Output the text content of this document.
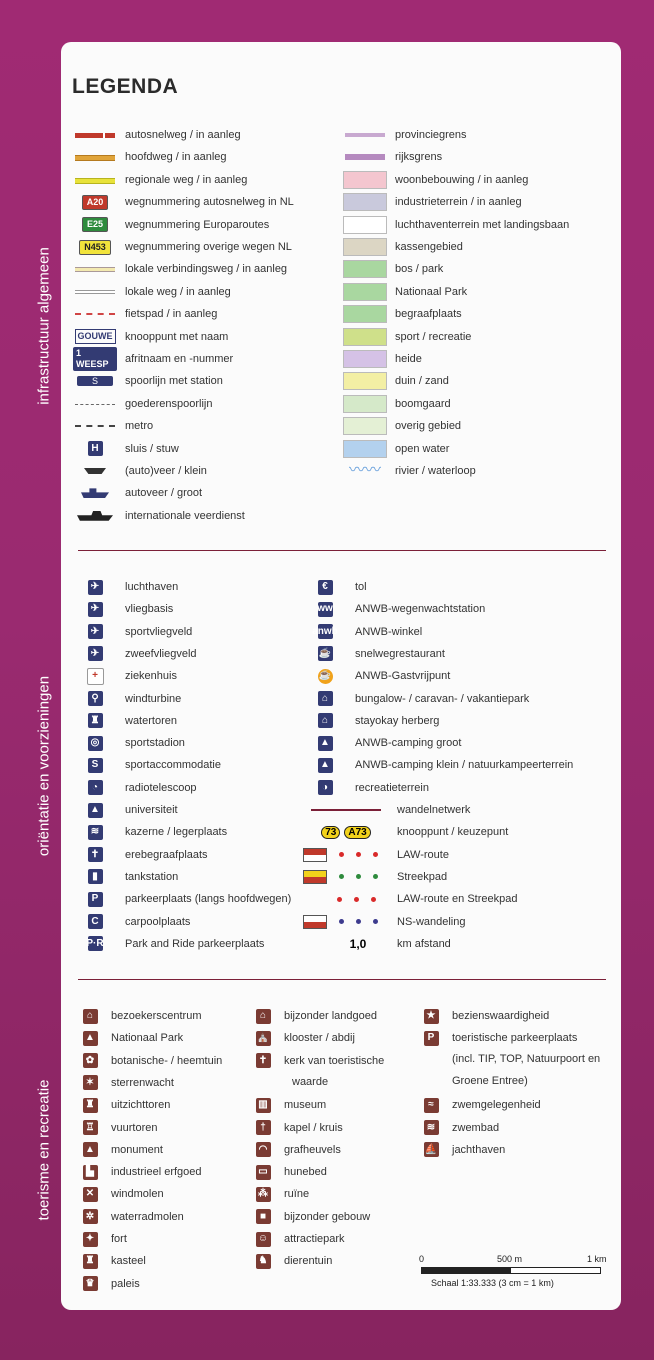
LEGENDA
autosnelweg / in aanleg
hoofdweg / in aanleg
regionale weg / in aanleg
A20	wegnummering autosnelweg in NL
E25	wegnummering Europaroutes
N453	wegnummering overige wegen NL
lokale verbindingsweg / in aanleg
lokale weg / in aanleg
fietspad / in aanleg
GOUWE knooppunt met naam
1 WEESP	afritnaam en -nummer
S	spoorlijn met station
goederenspoorlijn
metro
H	sluis / stuw
(auto)veer / klein
autoveer / groot
internationale veerdienst
provinciegrens
rijksgrens
woonbebouwing / in aanleg
industrieterrein / in aanleg
luchthaventerrein met landingsbaan
kassengebied
bos / park
Nationaal Park
begraafplaats
sport / recreatie
heide
duin / zand
boomgaard
overig gebied
open water
〰〰 rivier / waterloop
✈	luchthaven
✈	vliegbasis
✈	sportvliegveld
✈	zweefvliegveld
+	ziekenhuis
⚲	windturbine
♜ watertoren
◎ sportstadion
S	sportaccommodatie
◔	radiotelescoop
▲ universiteit
≋	kazerne / legerplaats
✝	erebegraafplaats
▮	tankstation
P	parkeerplaats (langs hoofdwegen)
C	carpoolplaats
P·R Park and Ride parkeerplaats
€	tol
ww ANWB-wegenwachtstation
anwb ANWB-winkel
☕ snelwegrestaurant
☕ ANWB-Gastvrijpunt
⌂	bungalow- / caravan- / vakantiepark
⌂	stayokay herberg
▲ ANWB-camping groot
▲ ANWB-camping klein / natuurkampeerterrein
◑	recreatieterrein
wandelnetwerk
73	A73	knooppunt / keuzepunt
LAW-route
Streekpad
LAW-route en Streekpad
NS-wandeling
1,0	km afstand
⌂	bezoekerscentrum
▲ Nationaal Park
✿	botanische- / heemtuin
✶	sterrenwacht
♜ uitzichttoren
♖ vuurtoren
▲ monument
▙	industrieel erfgoed
✕	windmolen
✲	waterradmolen
✦	fort
♜ kasteel
♛ paleis
⌂	bijzonder landgoed
⛪ klooster / abdij
✝	kerk van toeristische
waarde
▥ museum
†	kapel / kruis
◠ grafheuvels
▭ hunebed
⁂ ruïne
■	bijzonder gebouw
☺ attractiepark
♞ dierentuin
★ bezienswaardigheid
P	toeristische parkeerplaats
(incl. TIP, TOP, Natuurpoort en
Groene Entree)
≈	zwemgelegenheid
≋	zwembad
⛵ jachthaven
0	500 m	1 km
Schaal 1:33.333 (3 cm = 1 km)
infrastructuur algemeen
oriëntatie en voorzieningen
toerisme en recreatie
